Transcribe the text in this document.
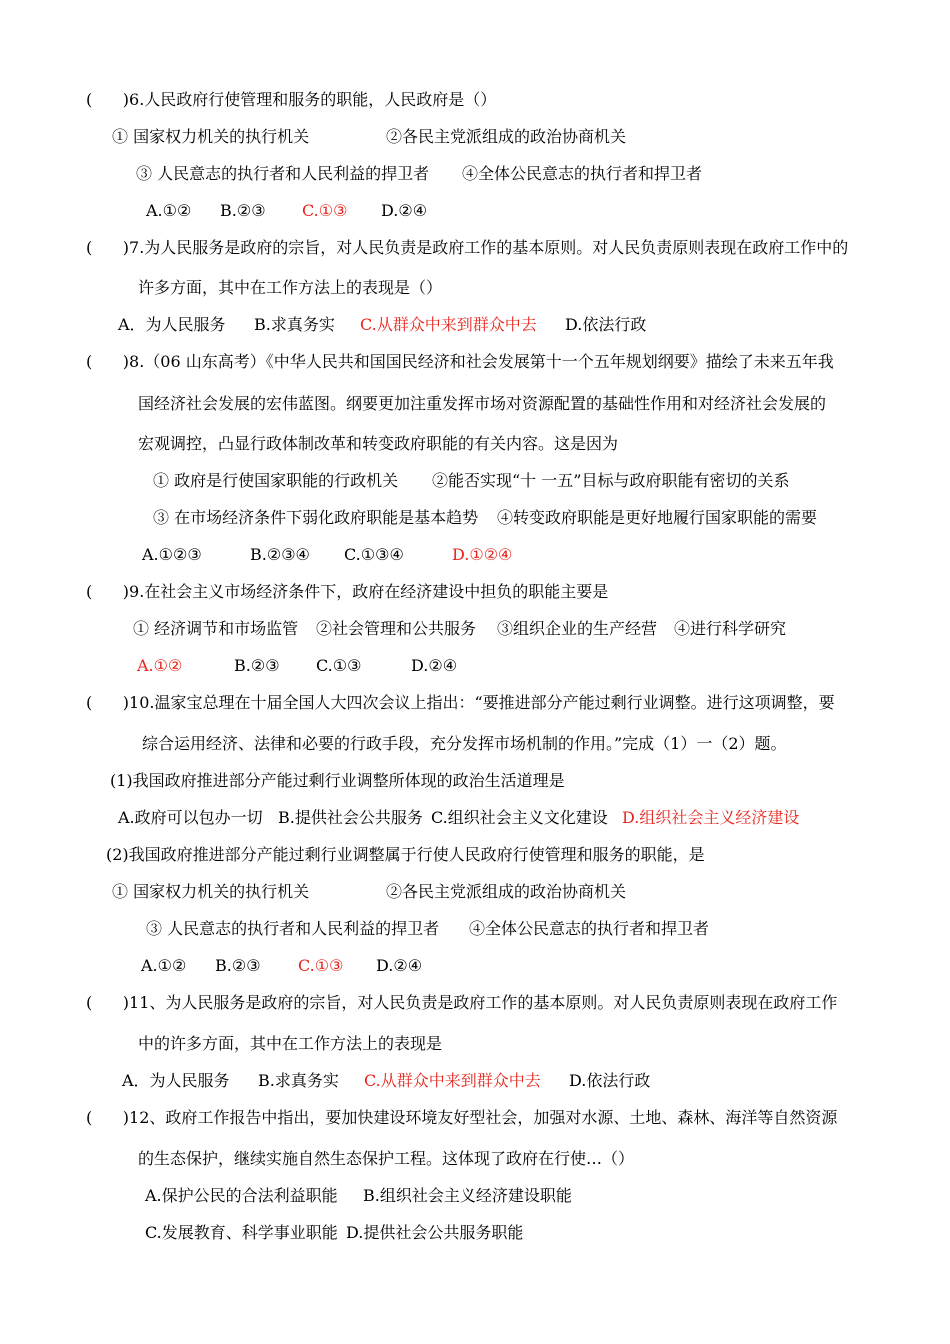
( )6.人民政府行使管理和服务的职能，人民政府是（）
① 国家权力机关的执行机关	②各民主党派组成的政治协商机关
③ 人民意志的执行者和人民利益的捍卫者 ④全体公民意志的执行者和捍卫者
A.①② B.②③ C.①③ D.②④
( )7.为人民服务是政府的宗旨，对人民负责是政府工作的基本原则。对人民负责原则表现在政府工作中的
许多方面，其中在工作方法上的表现是（）
A．为人民服务 B.求真务实 C.从群众中来到群众中去 D.依法行政
( )8.（06 山东高考）《中华人民共和国国民经济和社会发展第十一个五年规划纲要》描绘了未来五年我
国经济社会发展的宏伟蓝图。纲要更加注重发挥市场对资源配置的基础性作用和对经济社会发展的
宏观调控，凸显行政体制改革和转变政府职能的有关内容。这是因为
① 政府是行使国家职能的行政机关 ②能否实现“十 一五”目标与政府职能有密切的关系
③ 在市场经济条件下弱化政府职能是基本趋势 ④转变政府职能是更好地履行国家职能的需要
A.①②③	B.②③④ C.①③④	D.①②④
( )9.在社会主义市场经济条件下，政府在经济建设中担负的职能主要是
① 经济调节和市场监管 ②社会管理和公共服务 ③组织企业的生产经营 ④进行科学研究
A.①②	B.②③ C.①③	D.②④
( )10.温家宝总理在十届全国人大四次会议上指出：“要推进部分产能过剩行业调整。进行这项调整，要
综合运用经济、法律和必要的行政手段，充分发挥市场机制的作用。”完成（1）一（2）题。
(1)我国政府推进部分产能过剩行业调整所体现的政治生活道理是
A.政府可以包办一切 B.提供社会公共服务 C.组织社会主义文化建设 D.组织社会主义经济建设
(2)我国政府推进部分产能过剩行业调整属于行使人民政府行使管理和服务的职能，是
① 国家权力机关的执行机关	②各民主党派组成的政治协商机关
③ 人民意志的执行者和人民利益的捍卫者 ④全体公民意志的执行者和捍卫者
A.①② B.②③ C.①③ D.②④
( )11、为人民服务是政府的宗旨，对人民负责是政府工作的基本原则。对人民负责原则表现在政府工作
中的许多方面，其中在工作方法上的表现是
A．为人民服务 B.求真务实 C.从群众中来到群众中去 D.依法行政
( )12、政府工作报告中指出，要加快建设环境友好型社会，加强对水源、土地、森林、海洋等自然资源
的生态保护，继续实施自然生态保护工程。这体现了政府在行使…（）
A.保护公民的合法利益职能 B.组织社会主义经济建设职能
C.发展教育、科学事业职能 D.提供社会公共服务职能
